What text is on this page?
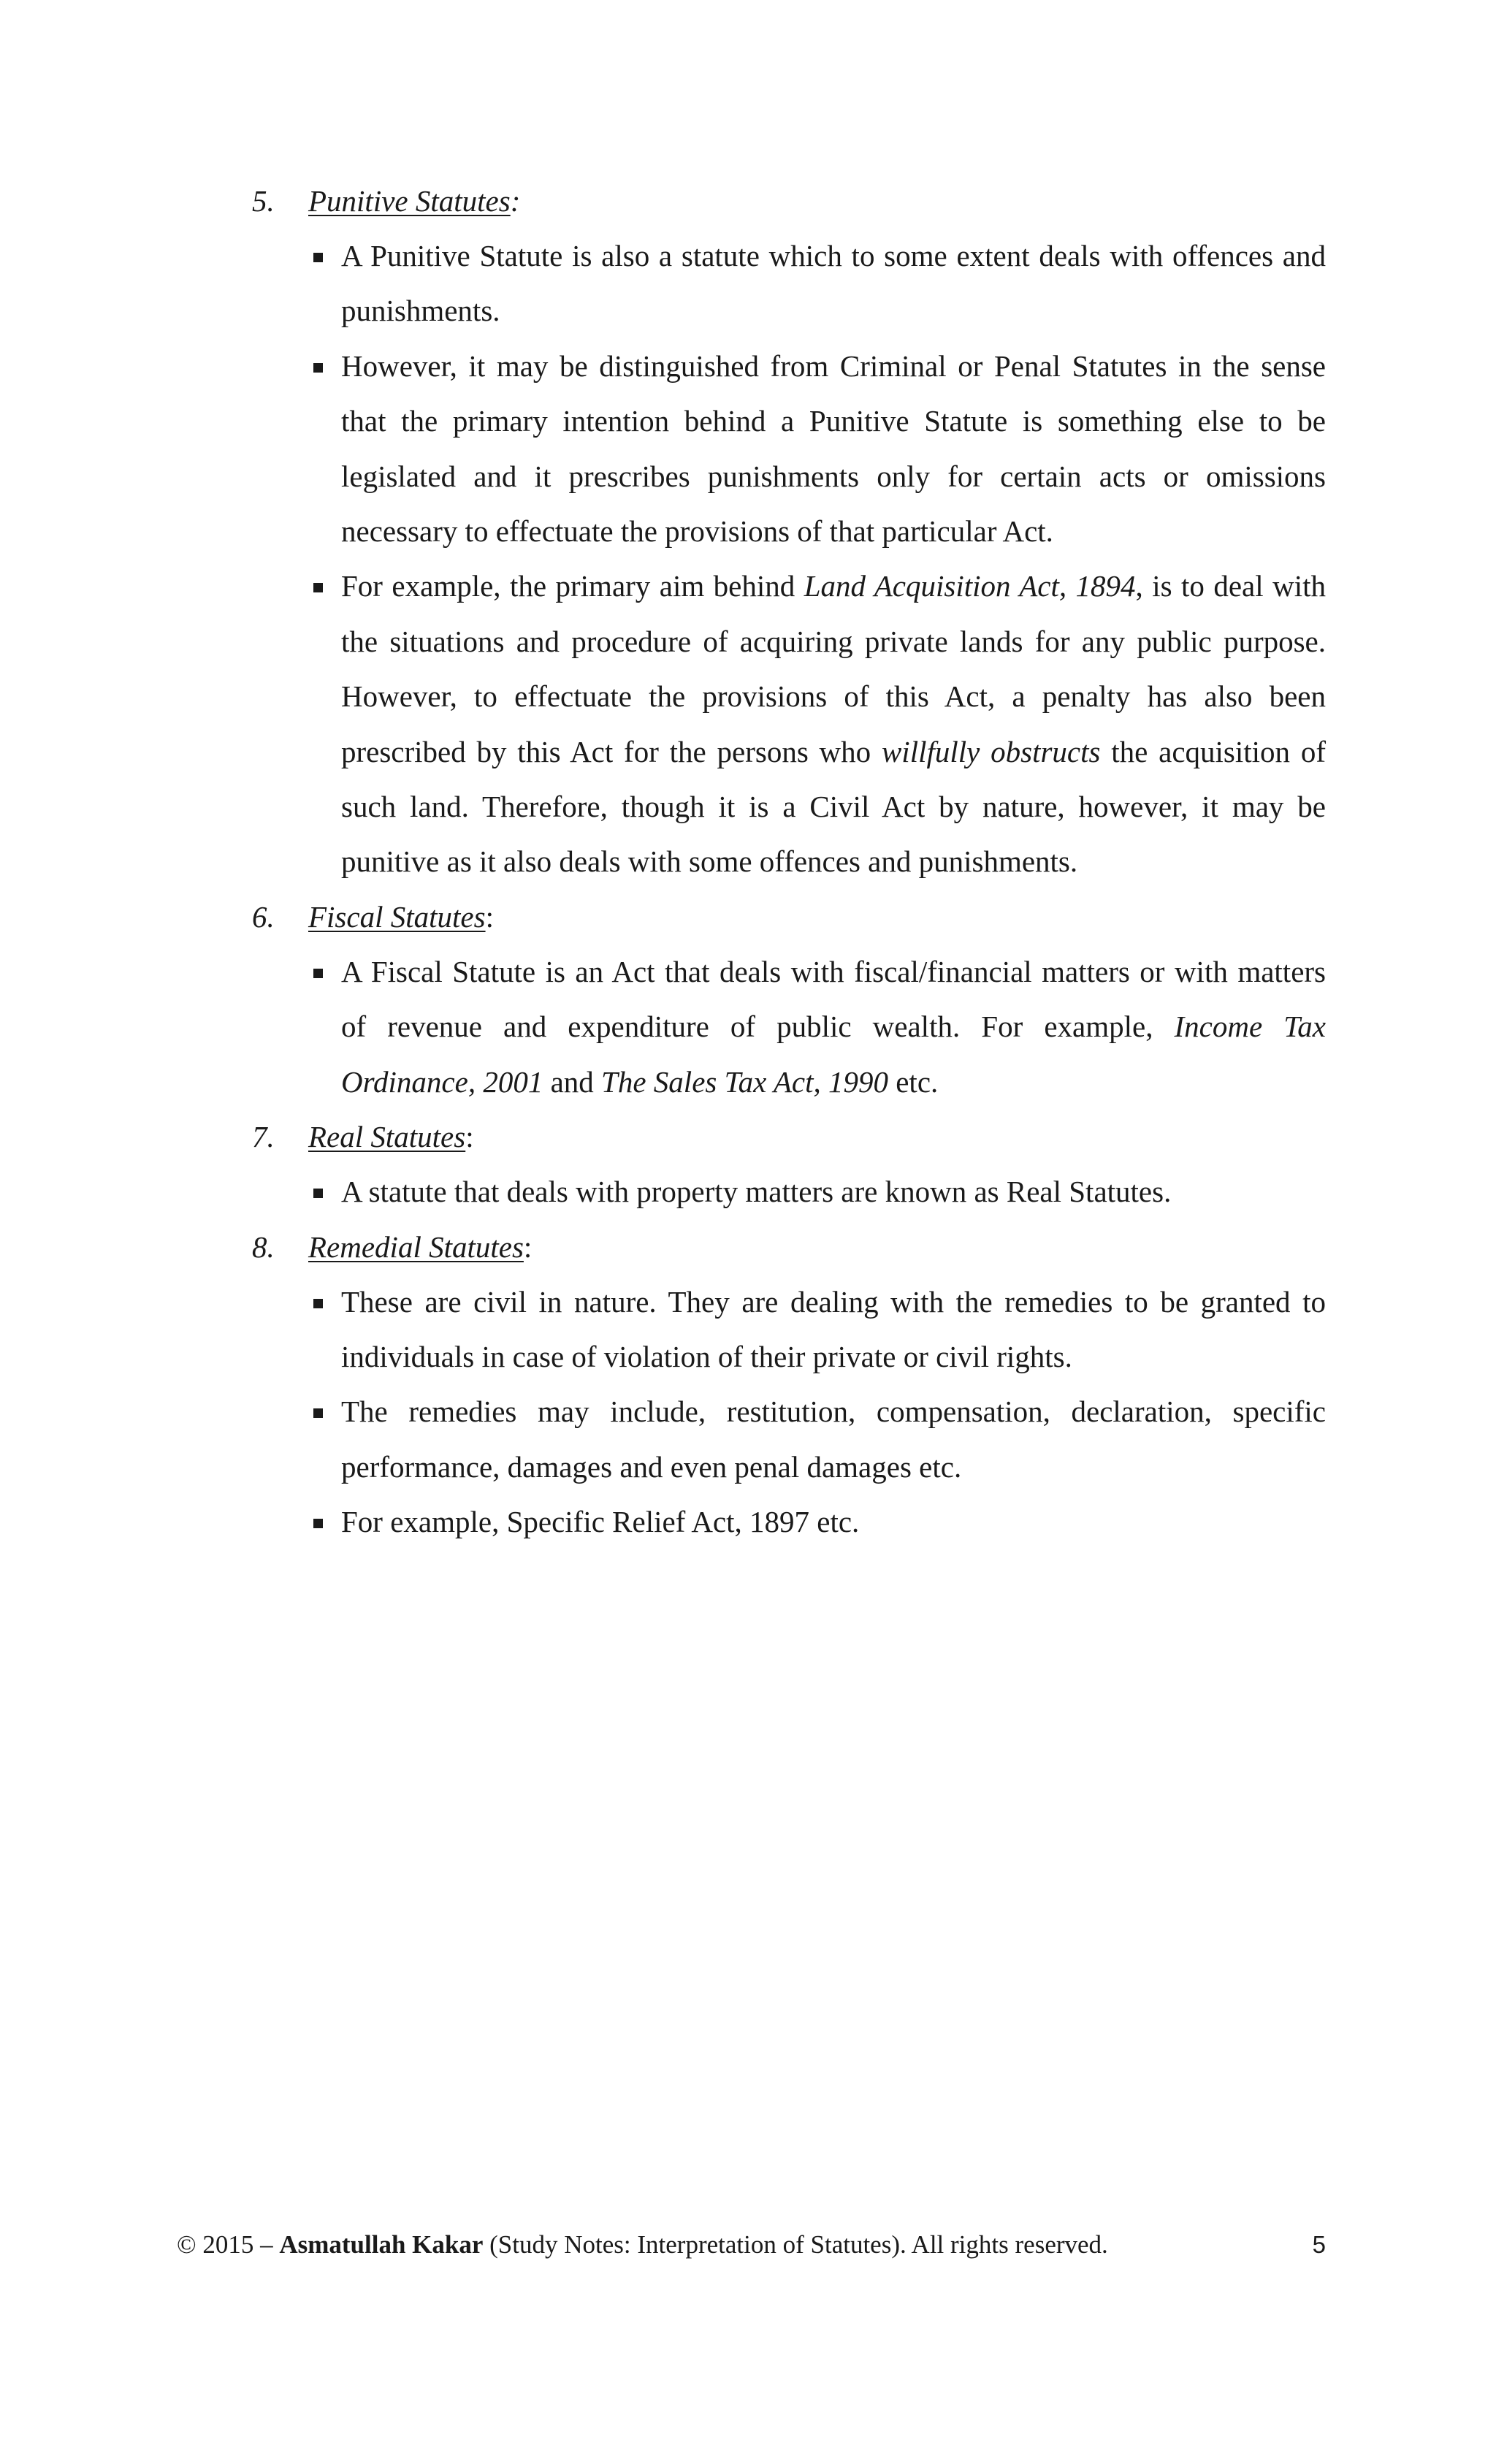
5. Punitive Statutes:
A Punitive Statute is also a statute which to some extent deals with offences and punishments.
However, it may be distinguished from Criminal or Penal Statutes in the sense that the primary intention behind a Punitive Statute is something else to be legislated and it prescribes punishments only for certain acts or omissions necessary to effectuate the provisions of that particular Act.
For example, the primary aim behind Land Acquisition Act, 1894, is to deal with the situations and procedure of acquiring private lands for any public purpose. However, to effectuate the provisions of this Act, a penalty has also been prescribed by this Act for the persons who willfully obstructs the acquisition of such land. Therefore, though it is a Civil Act by nature, however, it may be punitive as it also deals with some offences and punishments.
6. Fiscal Statutes:
A Fiscal Statute is an Act that deals with fiscal/financial matters or with matters of revenue and expenditure of public wealth. For example, Income Tax Ordinance, 2001 and The Sales Tax Act, 1990 etc.
7. Real Statutes:
A statute that deals with property matters are known as Real Statutes.
8. Remedial Statutes:
These are civil in nature. They are dealing with the remedies to be granted to individuals in case of violation of their private or civil rights.
The remedies may include, restitution, compensation, declaration, specific performance, damages and even penal damages etc.
For example, Specific Relief Act, 1897 etc.
© 2015 – Asmatullah Kakar (Study Notes: Interpretation of Statutes). All rights reserved.	5
